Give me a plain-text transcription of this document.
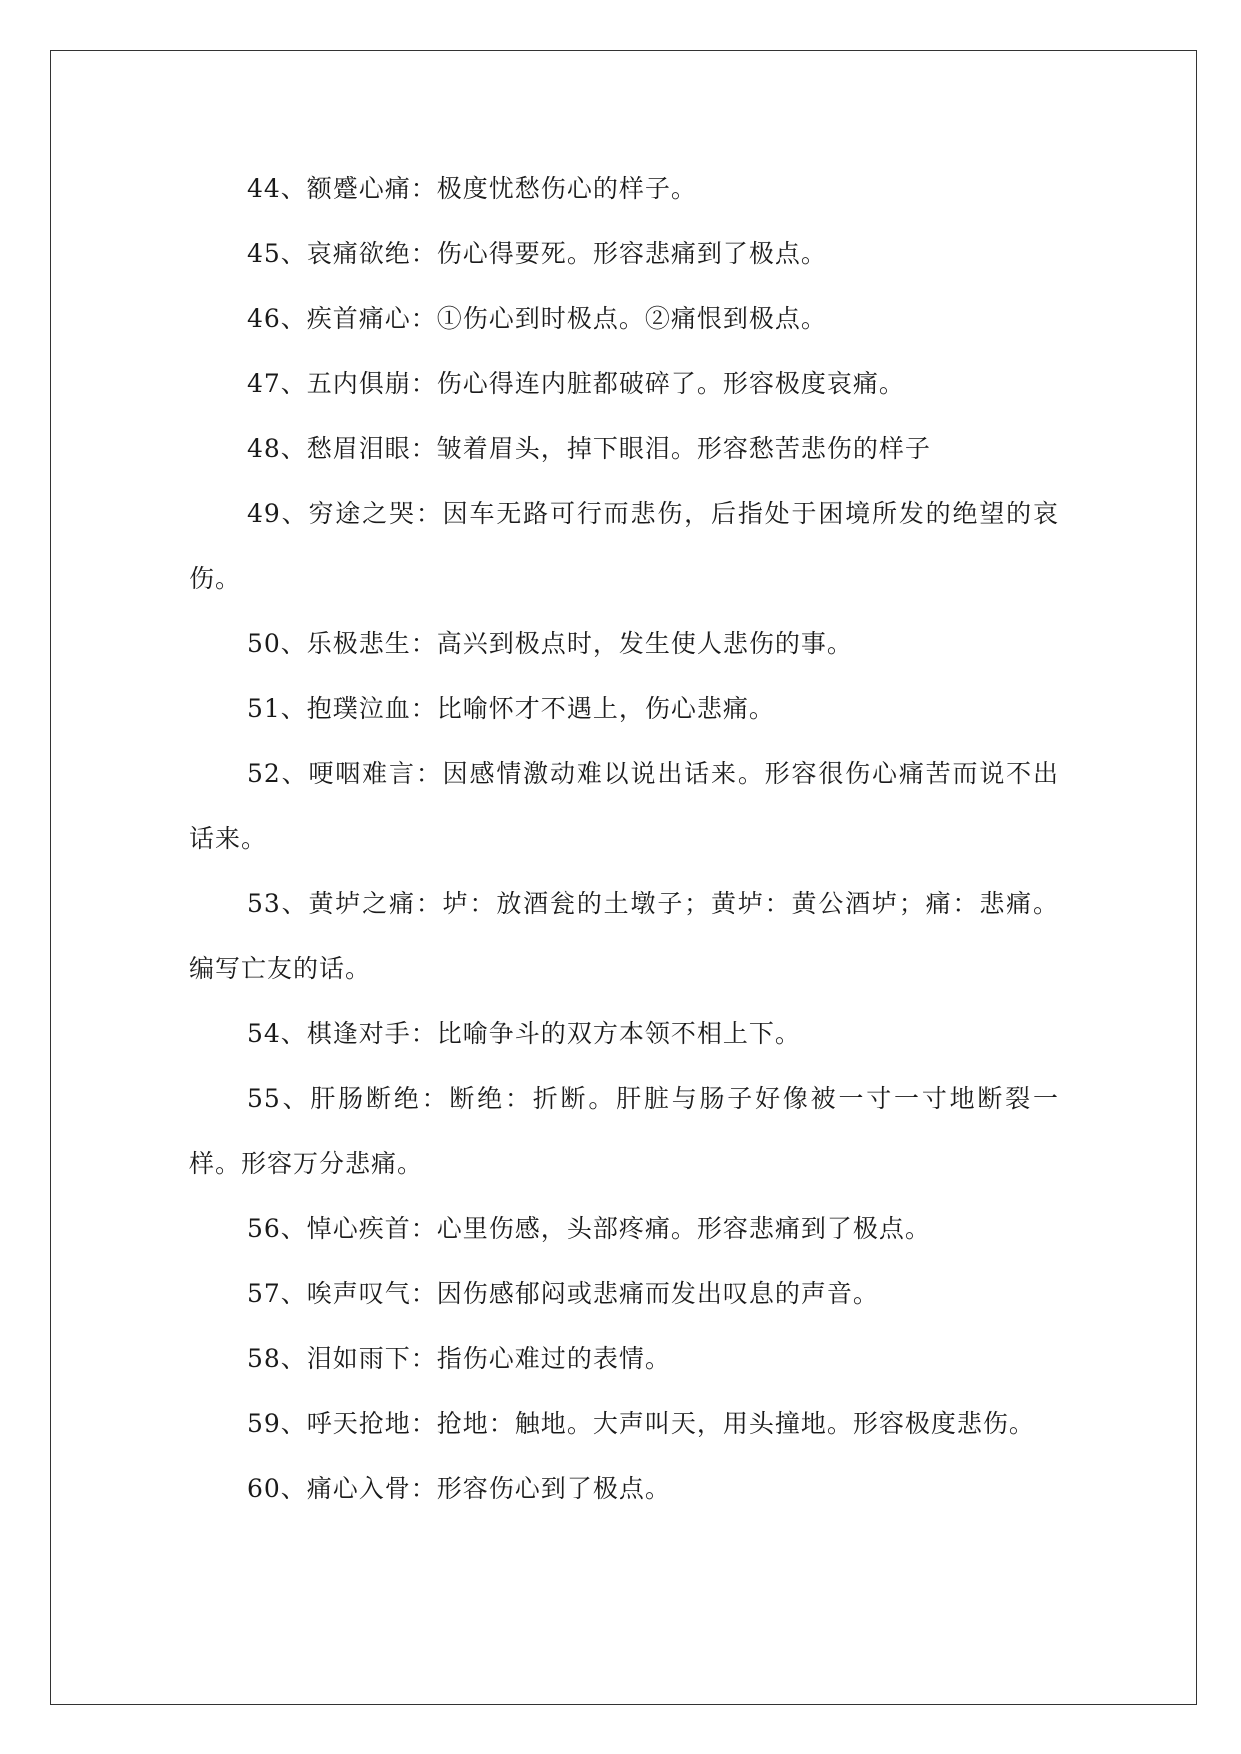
44、额蹙心痛：极度忧愁伤心的样子。

45、哀痛欲绝：伤心得要死。形容悲痛到了极点。

46、疾首痛心：①伤心到时极点。②痛恨到极点。

47、五内俱崩：伤心得连内脏都破碎了。形容极度哀痛。

48、愁眉泪眼：皱着眉头，掉下眼泪。形容愁苦悲伤的样子

49、穷途之哭：因车无路可行而悲伤，后指处于困境所发的绝望的哀伤。

50、乐极悲生：高兴到极点时，发生使人悲伤的事。

51、抱璞泣血：比喻怀才不遇上，伤心悲痛。

52、哽咽难言：因感情激动难以说出话来。形容很伤心痛苦而说不出话来。

53、黄垆之痛：垆：放酒瓮的土墩子；黄垆：黄公酒垆；痛：悲痛。编写亡友的话。

54、棋逢对手：比喻争斗的双方本领不相上下。

55、肝肠断绝：断绝：折断。肝脏与肠子好像被一寸一寸地断裂一样。形容万分悲痛。

56、悼心疾首：心里伤感，头部疼痛。形容悲痛到了极点。

57、唉声叹气：因伤感郁闷或悲痛而发出叹息的声音。

58、泪如雨下：指伤心难过的表情。

59、呼天抢地：抢地：触地。大声叫天，用头撞地。形容极度悲伤。

60、痛心入骨：形容伤心到了极点。
